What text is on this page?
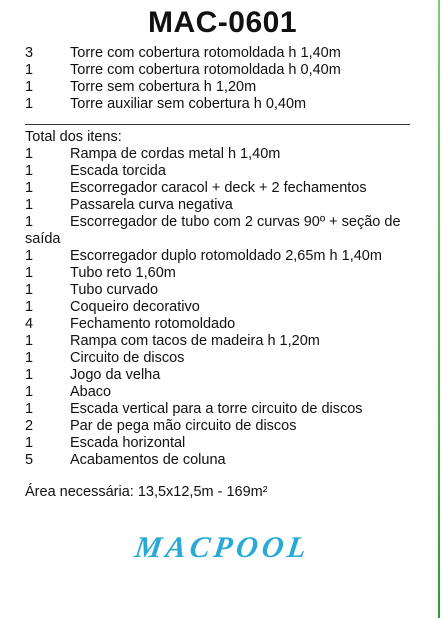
MAC-0601
3	Torre com cobertura rotomoldada h 1,40m
1	Torre com cobertura rotomoldada h 0,40m
1	Torre sem cobertura h 1,20m
1	Torre auxiliar sem cobertura h 0,40m
Total dos itens:
1	Rampa de cordas metal h 1,40m
1	Escada torcida
1	Escorregador caracol + deck + 2 fechamentos
1	Passarela curva negativa
1	Escorregador de tubo com 2 curvas 90º + seção de
saída
1	Escorregador duplo rotomoldado 2,65m h 1,40m
1	Tubo reto 1,60m
1	Tubo curvado
1	Coqueiro decorativo
4	Fechamento rotomoldado
1	Rampa com tacos de madeira h 1,20m
1	Circuito de discos
1	Jogo da velha
1	Abaco
1	Escada vertical para a torre circuito de discos
2	Par de pega mão circuito de discos
1	Escada horizontal
5	Acabamentos de coluna
Área necessária: 13,5x12,5m - 169m²
MACPOOL
